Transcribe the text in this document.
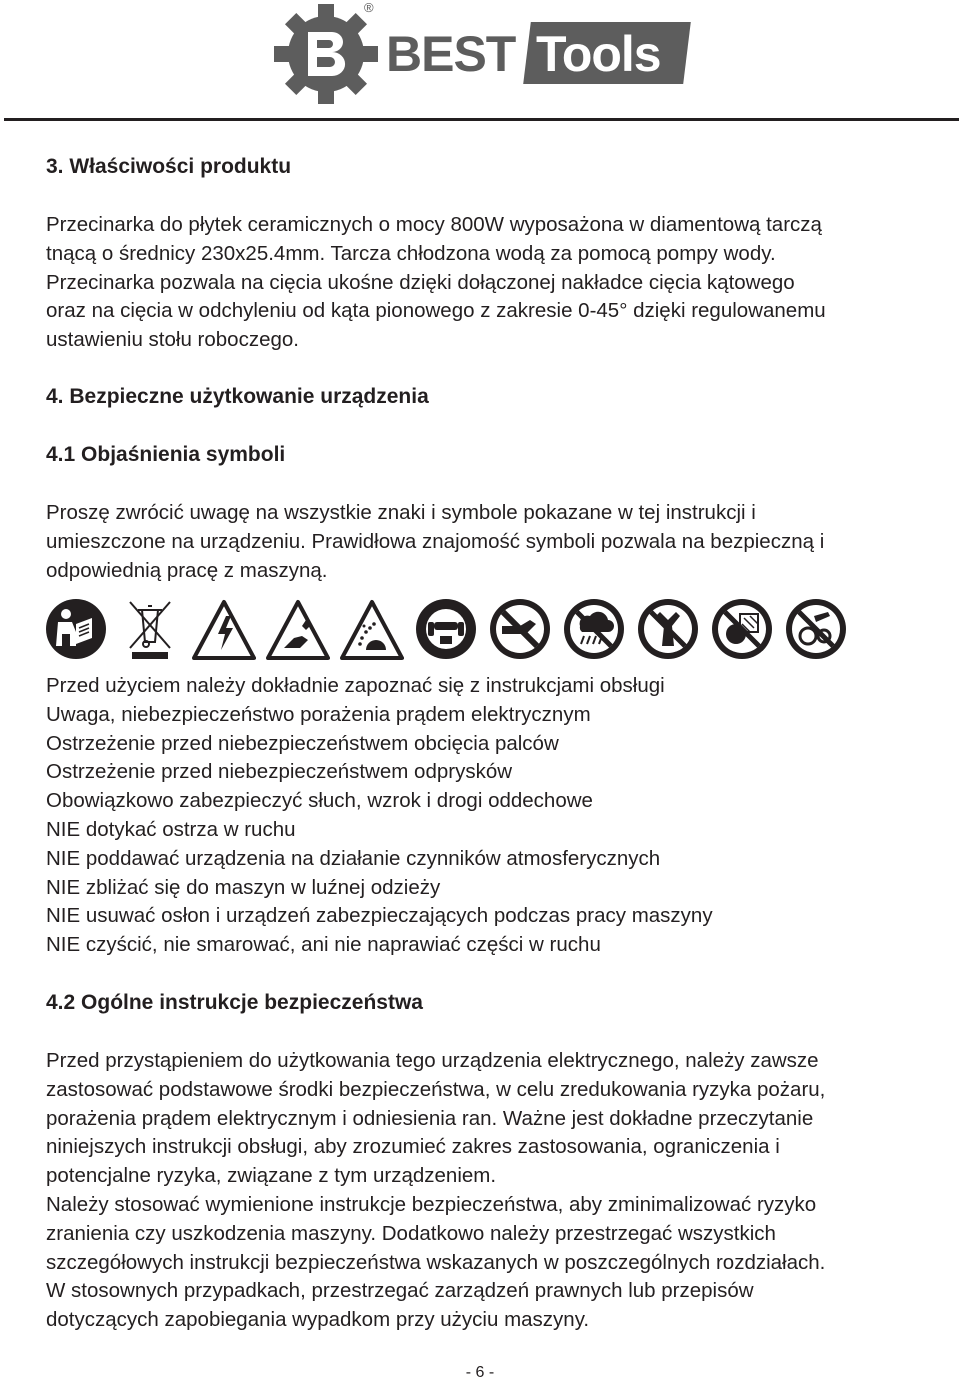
®
BEST Tools
3. Właściwości produktu
Przecinarka do płytek ceramicznych o mocy 800W wyposażona w diamentową tarczą
tnącą o średnicy 230x25.4mm. Tarcza chłodzona wodą za pomocą pompy wody.
Przecinarka pozwala na cięcia ukośne dzięki dołączonej nakładce cięcia kątowego
oraz na cięcia w odchyleniu od kąta pionowego z zakresie 0-45° dzięki regulowanemu
ustawieniu stołu roboczego.
4. Bezpieczne użytkowanie urządzenia
4.1 Objaśnienia symboli
Proszę zwrócić uwagę na wszystkie znaki i symbole pokazane w tej instrukcji i
umieszczone na urządzeniu. Prawidłowa znajomość symboli pozwala na bezpieczną i
odpowiednią pracę z maszyną.
Przed użyciem należy dokładnie zapoznać się z instrukcjami obsługi
Uwaga, niebezpieczeństwo porażenia prądem elektrycznym
Ostrzeżenie przed niebezpieczeństwem obcięcia palców
Ostrzeżenie przed niebezpieczeństwem odprysków
Obowiązkowo zabezpieczyć słuch, wzrok i drogi oddechowe
NIE dotykać ostrza w ruchu
NIE poddawać urządzenia na działanie czynników atmosferycznych
NIE zbliżać się do maszyn w luźnej odzieży
NIE usuwać osłon i urządzeń zabezpieczających podczas pracy maszyny
NIE czyścić, nie smarować, ani nie naprawiać części w ruchu
4.2 Ogólne instrukcje bezpieczeństwa
Przed przystąpieniem do użytkowania tego urządzenia elektrycznego, należy zawsze
zastosować podstawowe środki bezpieczeństwa, w celu zredukowania ryzyka pożaru,
porażenia prądem elektrycznym i odniesienia ran. Ważne jest dokładne przeczytanie
niniejszych instrukcji obsługi, aby zrozumieć zakres zastosowania, ograniczenia i
potencjalne ryzyka, związane z tym urządzeniem.
Należy stosować wymienione instrukcje bezpieczeństwa, aby zminimalizować ryzyko
zranienia czy uszkodzenia maszyny. Dodatkowo należy przestrzegać wszystkich
szczegółowych instrukcji bezpieczeństwa wskazanych w poszczególnych rozdziałach.
W stosownych przypadkach, przestrzegać zarządzeń prawnych lub przepisów
dotyczących zapobiegania wypadkom przy użyciu maszyny.
- 6 -
